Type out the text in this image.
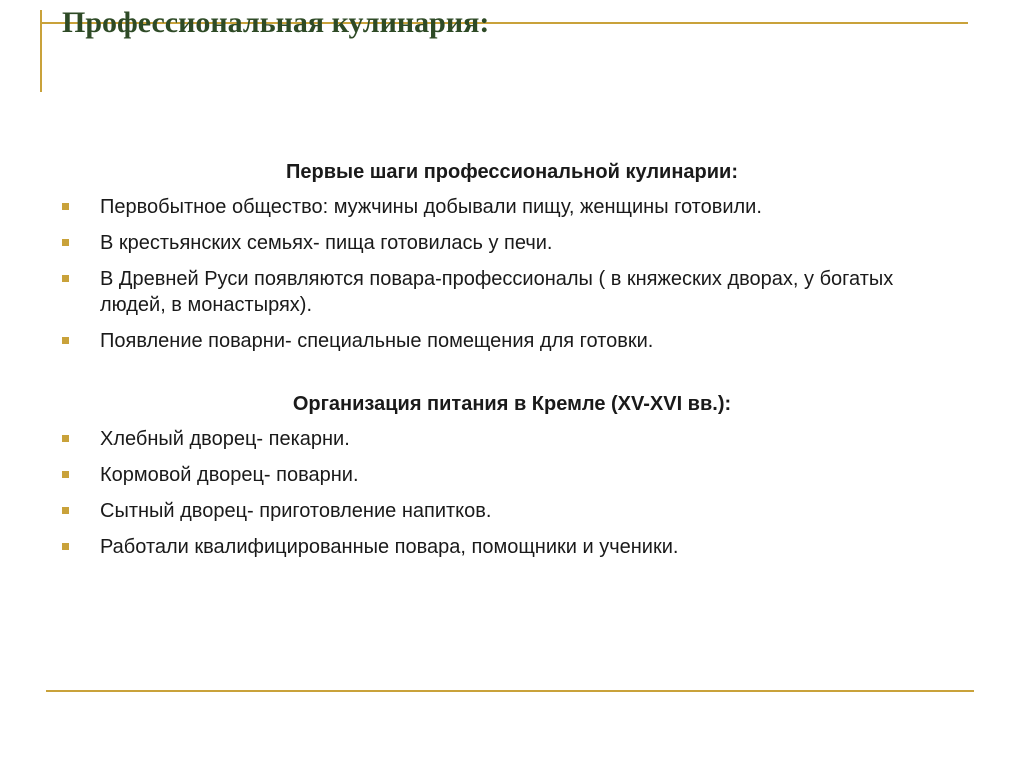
Профессиональная кулинария:
Первые шаги профессиональной кулинарии:
Первобытное общество: мужчины добывали пищу, женщины готовили.
В крестьянских семьях- пища готовилась у печи.
В Древней Руси появляются повара-профессионалы ( в княжеских дворах, у богатых людей, в монастырях).
Появление поварни- специальные помещения для готовки.
Организация питания в Кремле (XV-XVI вв.):
Хлебный дворец- пекарни.
Кормовой дворец- поварни.
Сытный дворец- приготовление напитков.
Работали квалифицированные повара, помощники и ученики.
